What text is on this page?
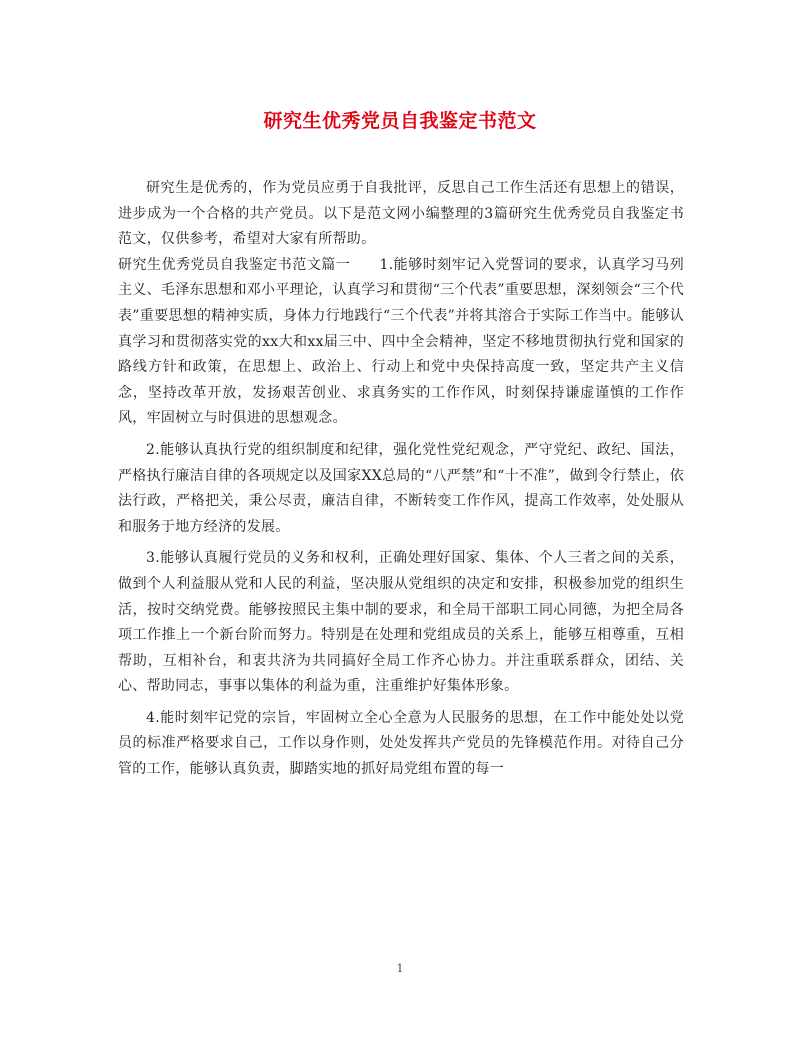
研究生优秀党员自我鉴定书范文

研究生是优秀的，作为党员应勇于自我批评，反思自己工作生活还有思想上的错误，进步成为一个合格的共产党员。以下是范文网小编整理的3篇研究生优秀党员自我鉴定书范文，仅供参考，希望对大家有所帮助。

研究生优秀党员自我鉴定书范文篇一　　1.能够时刻牢记入党誓词的要求，认真学习马列主义、毛泽东思想和邓小平理论，认真学习和贯彻“三个代表”重要思想，深刻领会“三个代表”重要思想的精神实质，身体力行地践行“三个代表”并将其溶合于实际工作当中。能够认真学习和贯彻落实党的xx大和xx届三中、四中全会精神，坚定不移地贯彻执行党和国家的路线方针和政策，在思想上、政治上、行动上和党中央保持高度一致，坚定共产主义信念，坚持改革开放，发扬艰苦创业、求真务实的工作作风，时刻保持谦虚谨慎的工作作风，牢固树立与时俱进的思想观念。

2.能够认真执行党的组织制度和纪律，强化党性党纪观念，严守党纪、政纪、国法，严格执行廉洁自律的各项规定以及国家XX总局的“八严禁”和“十不准”，做到令行禁止，依法行政，严格把关，秉公尽责，廉洁自律，不断转变工作作风，提高工作效率，处处服从和服务于地方经济的发展。

3.能够认真履行党员的义务和权利，正确处理好国家、集体、个人三者之间的关系，做到个人利益服从党和人民的利益，坚决服从党组织的决定和安排，积极参加党的组织生活，按时交纳党费。能够按照民主集中制的要求，和全局干部职工同心同德，为把全局各项工作推上一个新台阶而努力。特别是在处理和党组成员的关系上，能够互相尊重，互相帮助，互相补台，和衷共济为共同搞好全局工作齐心协力。并注重联系群众，团结、关心、帮助同志，事事以集体的利益为重，注重维护好集体形象。

4.能时刻牢记党的宗旨，牢固树立全心全意为人民服务的思想，在工作中能处处以党员的标准严格要求自己，工作以身作则，处处发挥共产党员的先锋模范作用。对待自己分管的工作，能够认真负责，脚踏实地的抓好局党组布置的每一

1
